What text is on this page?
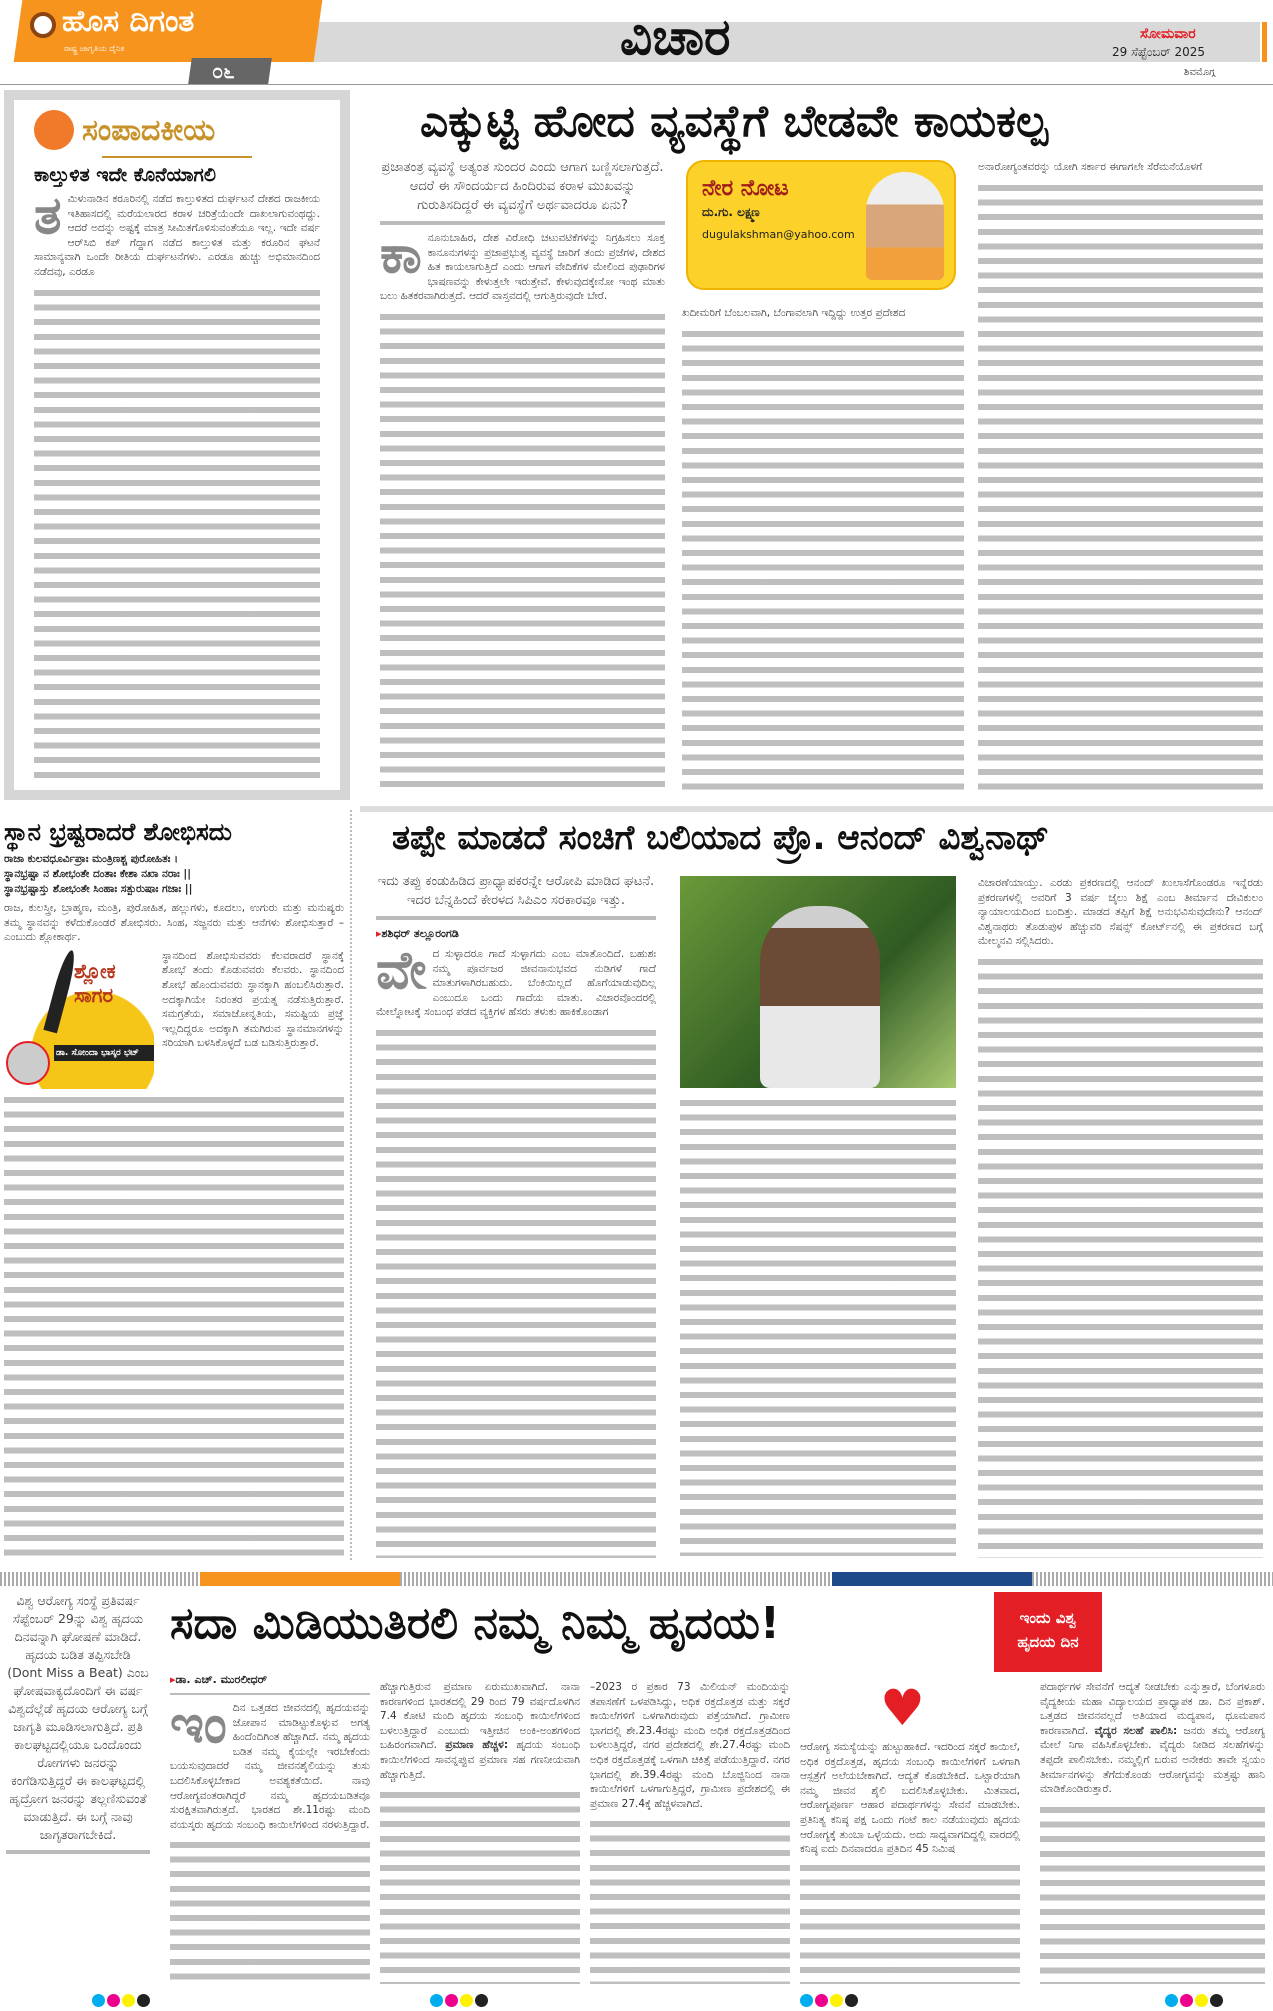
ಹೊಸ ದಿಗಂತ
ರಾಷ್ಟ್ರ ಜಾಗೃತಿಯ ದೈನಿಕ
೦೬
ವಿಚಾರ	ಸೋಮವಾರ
29 ಸೆಪ್ಟೆಂಬರ್ 2025
ಶಿವಮೊಗ್ಗ
ಸಂಪಾದಕೀಯ
ಕಾಲ್ತುಳಿತ ಇದೇ ಕೊನೆಯಾಗಲಿ
ತಮಿಳುನಾಡಿನ ಕರೂರಿನಲ್ಲಿ ನಡೆದ ಕಾಲ್ತುಳಿತದ ದುರ್ಘಟನೆ ದೇಶದ ರಾಜಕೀಯ ಇತಿಹಾಸದಲ್ಲಿ ಮರೆಯಲಾರದ ಕರಾಳ ಚರಿತ್ರೆಯೆಂದೇ ದಾಖಲಾಗುವಂಥದ್ದು. ಆದರೆ ಅದನ್ನು ಅಷ್ಟಕ್ಕೆ ಮಾತ್ರ ಸೀಮಿತಗೊಳಿಸುವಂತೆಯೂ ಇಲ್ಲ. ಇದೇ ವರ್ಷ ಆರ್‌ಸಿಬಿ ಕಪ್ ಗೆದ್ದಾಗ ನಡೆದ ಕಾಲ್ತುಳಿತ ಮತ್ತು ಕರೂರಿನ ಘಟನೆ ಸಾಮಾನ್ಯವಾಗಿ ಒಂದೇ ರೀತಿಯ ದುರ್ಘಟನೆಗಳು. ಎರಡೂ ಹುಚ್ಚು ಅಭಿಮಾನದಿಂದ ನಡೆದವು, ಎರಡೂ
ಎಕ್ಕುಟ್ಟಿ ಹೋದ ವ್ಯವಸ್ಥೆಗೆ ಬೇಡವೇ ಕಾಯಕಲ್ಪ
ಪ್ರಜಾತಂತ್ರ ವ್ಯವಸ್ಥೆ ಅತ್ಯಂತ ಸುಂದರ ಎಂದು ಆಗಾಗ ಬಣ್ಣಿಸಲಾಗುತ್ತದೆ. ಆದರೆ ಈ ಸೌಂದರ್ಯದ ಹಿಂದಿರುವ ಕರಾಳ ಮುಖವನ್ನು ಗುರುತಿಸದಿದ್ದರೆ ಈ ವ್ಯವಸ್ಥೆಗೆ ಅರ್ಥವಾದರೂ ಏನು?
ಕಾನೂನುಬಾಹಿರ, ದೇಶ ವಿರೋಧಿ ಚಟುವಟಿಕೆಗಳನ್ನು ನಿಗ್ರಹಿಸಲು ಸೂಕ್ತ ಕಾನೂನುಗಳನ್ನು ಪ್ರಜಾಪ್ರಭುತ್ವ ವ್ಯವಸ್ಥೆ ಜಾರಿಗೆ ತಂದು ಪ್ರಜೆಗಳ, ದೇಶದ ಹಿತ ಕಾಯಲಾಗುತ್ತಿದೆ ಎಂದು ಆಗಾಗ ವೇದಿಕೆಗಳ ಮೇಲಿಂದ ಪುಢಾರಿಗಳ ಭಾಷಣವನ್ನು ಕೇಳುತ್ತಲೇ ಇರುತ್ತೇವೆ. ಕೇಳುವುದಕ್ಕೇನೋ ಇಂಥ ಮಾತು ಬಲು ಹಿತಕರವಾಗಿರುತ್ತದೆ. ಆದರೆ ವಾಸ್ತವದಲ್ಲಿ ಆಗುತ್ತಿರುವುದೇ ಬೇರೆ.
ನೇರ ನೋಟ
ದು.ಗು. ಲಕ್ಷ್ಮಣ
dugulakshman@yahoo.com
ಖದೀಮರಿಗೆ ಬೆಂಬಲವಾಗಿ, ಬೆಂಗಾವಲಾಗಿ ಇದ್ದಿದ್ದು ಉತ್ತರ ಪ್ರದೇಶದ
ಅನಾರೋಗ್ಯಂತವರನ್ನು ಯೋಗಿ ಸರ್ಕಾರ ಈಗಾಗಲೇ ಸೆರೆಮನೆಯೊಳಗೆ
ಸ್ಥಾನ ಭ್ರಷ್ಟರಾದರೆ ಶೋಭಿಸದು
ರಾಜಾ ಕುಲವಧೂರ್ವಿಪ್ರಾಃ ಮಂತ್ರಿಣಶ್ಚ ಪುರೋಹಿತಃ ।
ಸ್ಥಾನಭ್ರಷ್ಟಾ ನ ಶೋಭಂತೇ ದಂತಾಃ ಕೇಶಾ ನಖಾ ನರಾಃ ||
ಸ್ಥಾನಭ್ರಷ್ಟಾಸ್ತು ಶೋಭಂತೇ ಸಿಂಹಾಃ ಸತ್ಪುರುಷಾಃ ಗಜಾಃ ||
ರಾಜ, ಕುಲಸ್ತ್ರೀ, ಬ್ರಾಹ್ಮಣ, ಮಂತ್ರಿ, ಪುರೋಹಿತ, ಹಲ್ಲುಗಳು, ಕೂದಲು, ಉಗುರು ಮತ್ತು ಮನುಷ್ಯರು ತಮ್ಮ ಸ್ಥಾನವನ್ನು ಕಳೆದುಕೊಂಡರೆ ಶೋಭಿಸರು. ಸಿಂಹ, ಸಜ್ಜನರು ಮತ್ತು ಆನೆಗಳು ಶೋಭಿಸುತ್ತಾರೆ – ಎಂಬುದು ಶ್ಲೋಕಾರ್ಥ.
ಶ್ಲೋಕ ಸಾಗರ
ಡಾ. ಸೋಂದಾ ಭಾಸ್ಕರ ಭಟ್
ಸ್ಥಾನದಿಂದ ಶೋಭಿಸುವವರು ಕೆಲವರಾದರೆ ಸ್ಥಾನಕ್ಕೆ ಶೋಭೆ ತಂದು ಕೊಡುವವರು ಕೆಲವರು. ಸ್ಥಾನದಿಂದ ಶೋಭೆ ಹೊಂದುವವರು ಸ್ಥಾನಕ್ಕಾಗಿ ಹಂಬಲಿಸಿರುತ್ತಾರೆ. ಅದಕ್ಕಾಗಿಯೇ ನಿರಂತರ ಪ್ರಯತ್ನ ನಡೆಸುತ್ತಿರುತ್ತಾರೆ. ಸಮಗ್ರತೆಯ, ಸಮಾಜೋನ್ನತಿಯ, ಸಮಷ್ಟಿಯ ಪ್ರಜ್ಞೆ ಇಲ್ಲದಿದ್ದರೂ ಅದಕ್ಕಾಗಿ ತಮಗಿರುವ ಸ್ಥಾನಮಾನಗಳನ್ನು ಸರಿಯಾಗಿ ಬಳಸಿಕೊಳ್ಳದೆ ಬಡ ಬಡಿಸುತ್ತಿರುತ್ತಾರೆ.
ತಪ್ಪೇ ಮಾಡದೆ ಸಂಚಿಗೆ ಬಲಿಯಾದ ಪ್ರೊ. ಆನಂದ್ ವಿಶ್ವನಾಥ್
ಇದು ತಪ್ಪು ಕಂಡುಹಿಡಿದ ಪ್ರಾಧ್ಯಾಪಕರನ್ನೇ ಆರೋಪಿ ಮಾಡಿದ ಘಟನೆ. ಇದರ ಬೆನ್ನಹಿಂದೆ ಕೇರಳದ ಸಿಪಿಎಂ ಸರಕಾರವೂ ಇತ್ತು.
▸ಶಶಿಧರ್ ತಲ್ಲೂರಂಗಡಿ
ವೇದ ಸುಳ್ಳಾದರೂ ಗಾದೆ ಸುಳ್ಳಾಗದು ಎಂಬ ಮಾತೊಂದಿದೆ. ಬಹುಶಃ ನಮ್ಮ ಪೂರ್ವಜರ ಜೀವನಾನುಭವದ ನುಡಿಗಳೆ ಗಾದೆ ಮಾತುಗಳಾಗಿರಬಹುದು. ಬೆಂಕಿಯಿಲ್ಲದೆ ಹೊಗೆಯಾಡುವುದಿಲ್ಲ ಎಂಬುದೂ ಒಂದು ಗಾದೆಯ ಮಾತು. ವಿಚಾರವೊಂದರಲ್ಲಿ ಮೇಲ್ನೋಟಕ್ಕೆ ಸಂಬಂಧ ಪಡದ ವ್ಯಕ್ತಿಗಳ ಹೆಸರು ತಳುಕು ಹಾಕಿಕೊಂಡಾಗ
ವಿಚಾರಣೆಯಾಯ್ತು. ಎರಡು ಪ್ರಕರಣದಲ್ಲಿ ಆನಂದ್ ಖುಲಾಸೆಗೊಂಡರೂ ಇನ್ನೆರಡು ಪ್ರಕರಣಗಳಲ್ಲಿ ಅವರಿಗೆ 3 ವರ್ಷ ಜೈಲು ಶಿಕ್ಷೆ ಎಂಬ ತೀರ್ಮಾನ ದೇವಿಕುಲಂ ನ್ಯಾಯಾಲಯದಿಂದ ಬಂದಿತ್ತು. ಮಾಡದ ತಪ್ಪಿಗೆ ಶಿಕ್ಷೆ ಅನುಭವಿಸುವುದೇನು? ಆನಂದ್ ವಿಶ್ವನಾಥರು ತೊಡುಪುಳ ಹೆಚ್ಚುವರಿ ಸೆಷನ್ಸ್ ಕೋರ್ಟ್‌ನಲ್ಲಿ ಈ ಪ್ರಕರಣದ ಬಗ್ಗೆ ಮೇಲ್ಮನವಿ ಸಲ್ಲಿಸಿದರು.
ವಿಶ್ವ ಆರೋಗ್ಯ ಸಂಸ್ಥೆ ಪ್ರತಿವರ್ಷ ಸೆಪ್ಟೆಂಬರ್ 29ನ್ನು ವಿಶ್ವ ಹೃದಯ ದಿನವನ್ನಾಗಿ ಘೋಷಣೆ ಮಾಡಿದೆ. ಹೃದಯ ಬಡಿತ ತಪ್ಪಿಸಬೇಡಿ (Dont Miss a Beat) ಎಂಬ ಘೋಷವಾಕ್ಯದೊಂದಿಗೆ ಈ ವರ್ಷ ವಿಶ್ವದೆಲ್ಲೆಡೆ ಹೃದಯ ಆರೋಗ್ಯ ಬಗ್ಗೆ ಜಾಗೃತಿ ಮೂಡಿಸಲಾಗುತ್ತಿದೆ. ಪ್ರತಿ ಕಾಲಘಟ್ಟದಲ್ಲಿಯೂ ಒಂದೊಂದು ರೋಗಗಳು ಜನರನ್ನು ಕಂಗೆಡಿಸುತ್ತಿದ್ದರೆ ಈ ಕಾಲಘಟ್ಟದಲ್ಲಿ ಹೃದ್ರೋಗ ಜನರನ್ನು ತಲ್ಲಣಿಸುವಂತೆ ಮಾಡುತ್ತಿದೆ. ಈ ಬಗ್ಗೆ ನಾವು ಜಾಗೃತರಾಗಬೇಕಿದೆ.
ಸದಾ ಮಿಡಿಯುತಿರಲಿ ನಮ್ಮ ನಿಮ್ಮ ಹೃದಯ!	ಇಂದು ವಿಶ್ವ ಹೃದಯ ದಿನ
▸ಡಾ. ಎಚ್. ಮುರಲೀಧರ್
ಇಂದಿನ ಒತ್ತಡದ ಜೀವನದಲ್ಲಿ ಹೃದಯವನ್ನು ಜೋಪಾನ ಮಾಡಿಟ್ಟುಕೊಳ್ಳುವ ಅಗತ್ಯ ಹಿಂದೆಂದಿಗಿಂತ ಹೆಚ್ಚಾಗಿದೆ. ನಮ್ಮ ಹೃದಯ ಬಡಿತ ನಮ್ಮ ಕೈಯಲ್ಲೇ ಇರಬೇಕೆಂದು ಬಯಸುವುದಾದರೆ ನಮ್ಮ ಜೀವನಶೈಲಿಯನ್ನು ತುಸು ಬದಲಿಸಿಕೊಳ್ಳಬೇಕಾದ ಅವಶ್ಯಕತೆಯಿದೆ. ನಾವು ಆರೋಗ್ಯವಂತರಾಗಿದ್ದರೆ ನಮ್ಮ ಹೃದಯಬಡಿತವೂ ಸುರಕ್ಷಿತವಾಗಿರುತ್ತದೆ. ಭಾರತದ ಶೇ.11ರಷ್ಟು ಮಂದಿ ವಯಸ್ಕರು ಹೃದಯ ಸಂಬಂಧಿ ಕಾಯಿಲೆಗಳಿಂದ ನರಳುತ್ತಿದ್ದಾರೆ.
ಹೆಚ್ಚಾಗುತ್ತಿರುವ ಪ್ರಮಾಣ ಏರುಮುಖವಾಗಿದೆ. ನಾನಾ ಕಾರಣಗಳಿಂದ ಭಾರತದಲ್ಲಿ 29 ರಿಂದ 79 ವರ್ಷದೊಳಗಿನ 7.4 ಕೋಟಿ ಮಂದಿ ಹೃದಯ ಸಂಬಂಧಿ ಕಾಯಿಲೆಗಳಿಂದ ಬಳಲುತ್ತಿದ್ದಾರೆ ಎಂಬುದು ಇತ್ತೀಚಿನ ಅಂಕಿ-ಅಂಶಗಳಿಂದ ಬಹಿರಂಗವಾಗಿದೆ. ಪ್ರಮಾಣ ಹೆಚ್ಚಳ: ಹೃದಯ ಸಂಬಂಧಿ ಕಾಯಿಲೆಗಳಿಂದ ಸಾವನ್ನಪ್ಪುವ ಪ್ರಮಾಣ ಸಹ ಗಣನೀಯವಾಗಿ ಹೆಚ್ಚಾಗುತ್ತಿದೆ.
–2023 ರ ಪ್ರಕಾರ 73 ಮಿಲಿಯನ್ ಮಂದಿಯನ್ನು ತಪಾಸಣೆಗೆ ಒಳಪಡಿಸಿದ್ದು, ಅಧಿಕ ರಕ್ತದೊತ್ತಡ ಮತ್ತು ಸಕ್ಕರೆ ಕಾಯಿಲೆಗಳಿಗೆ ಒಳಗಾಗಿರುವುದು ಪತ್ತೆಯಾಗಿದೆ. ಗ್ರಾಮೀಣ ಭಾಗದಲ್ಲಿ ಶೇ.23.4ರಷ್ಟು ಮಂದಿ ಅಧಿಕ ರಕ್ತದೊತ್ತಡದಿಂದ ಬಳಲುತ್ತಿದ್ದರೆ, ನಗರ ಪ್ರದೇಶದಲ್ಲಿ ಶೇ.27.4ರಷ್ಟು ಮಂದಿ ಅಧಿಕ ರಕ್ತದೊತ್ತಡಕ್ಕೆ ಒಳಗಾಗಿ ಚಿಕಿತ್ಸೆ ಪಡೆಯುತ್ತಿದ್ದಾರೆ. ನಗರ ಭಾಗದಲ್ಲಿ ಶೇ.39.4ರಷ್ಟು ಮಂದಿ ಬೊಜ್ಜಿನಿಂದ ನಾನಾ ಕಾಯಿಲೆಗಳಿಗೆ ಒಳಗಾಗುತ್ತಿದ್ದರೆ, ಗ್ರಾಮೀಣ ಪ್ರದೇಶದಲ್ಲಿ ಈ ಪ್ರಮಾಣ 27.4ಕ್ಕೆ ಹೆಚ್ಚಳವಾಗಿದೆ.
♥
ಆರೋಗ್ಯ ಸಮಸ್ಯೆಯನ್ನು ಹುಟ್ಟುಹಾಕಿದೆ. ಇದರಿಂದ ಸಕ್ಕರೆ ಕಾಯಿಲೆ, ಅಧಿಕ ರಕ್ತದೊತ್ತಡ, ಹೃದಯ ಸಂಬಂಧಿ ಕಾಯಿಲೆಗಳಿಗೆ ಒಳಗಾಗಿ ಆಸ್ಪತ್ರೆಗೆ ಅಲೆಯಬೇಕಾಗಿದೆ. ಆದ್ಯತೆ ಕೊಡಬೇಕಿದೆ. ಒಟ್ಟಾರೆಯಾಗಿ ನಮ್ಮ ಜೀವನ ಶೈಲಿ ಬದಲಿಸಿಕೊಳ್ಳಬೇಕು. ಮಿತವಾದ, ಆರೋಗ್ಯಪೂರ್ಣ ಆಹಾರ ಪದಾರ್ಥಗಳನ್ನು ಸೇವನೆ ಮಾಡಬೇಕು. ಪ್ರತಿನಿತ್ಯ ಕನಿಷ್ಠ ಪಕ್ಷ ಒಂದು ಗಂಟೆ ಕಾಲ ನಡೆಯುವುದು ಹೃದಯ ಆರೋಗ್ಯಕ್ಕೆ ತುಂಬಾ ಒಳ್ಳೆಯದು. ಅದು ಸಾಧ್ಯವಾಗದಿದ್ದಲ್ಲಿ ವಾರದಲ್ಲಿ ಕನಿಷ್ಠ ಐದು ದಿನವಾದರೂ ಪ್ರತಿದಿನ 45 ನಿಮಿಷ
ಪದಾರ್ಥಗಳ ಸೇವನೆಗೆ ಆದ್ಯತೆ ನೀಡಬೇಕು ಎನ್ನುತ್ತಾರೆ, ಬೆಂಗಳೂರು ವೈದ್ಯಕೀಯ ಮಹಾ ವಿದ್ಯಾಲಯದ ಪ್ರಾಧ್ಯಾಪಕ ಡಾ. ದಿನ ಪ್ರಕಾಶ್. ಒತ್ತಡದ ಜೀವನವಲ್ಲದೆ ಅತಿಯಾದ ಮದ್ಯಪಾನ, ಧೂಮಪಾನ ಕಾರಣವಾಗಿದೆ. ವೈದ್ಯರ ಸಲಹೆ ಪಾಲಿಸಿ: ಜನರು ತಮ್ಮ ಆರೋಗ್ಯ ಮೇಲೆ ನಿಗಾ ವಹಿಸಿಕೊಳ್ಳಬೇಕು. ವೈದ್ಯರು ನೀಡಿದ ಸಲಹೆಗಳನ್ನು ತಪ್ಪದೇ ಪಾಲಿಸಬೇಕು. ನಮ್ಮಲ್ಲಿಗೆ ಬರುವ ಅನೇಕರು ತಾವೇ ಸ್ವಯಂ ತೀರ್ಮಾನಗಳನ್ನು ತೆಗೆದುಕೊಂಡು ಆರೋಗ್ಯವನ್ನು ಮತ್ತಷ್ಟು ಹಾನಿ ಮಾಡಿಕೊಂಡಿರುತ್ತಾರೆ.
